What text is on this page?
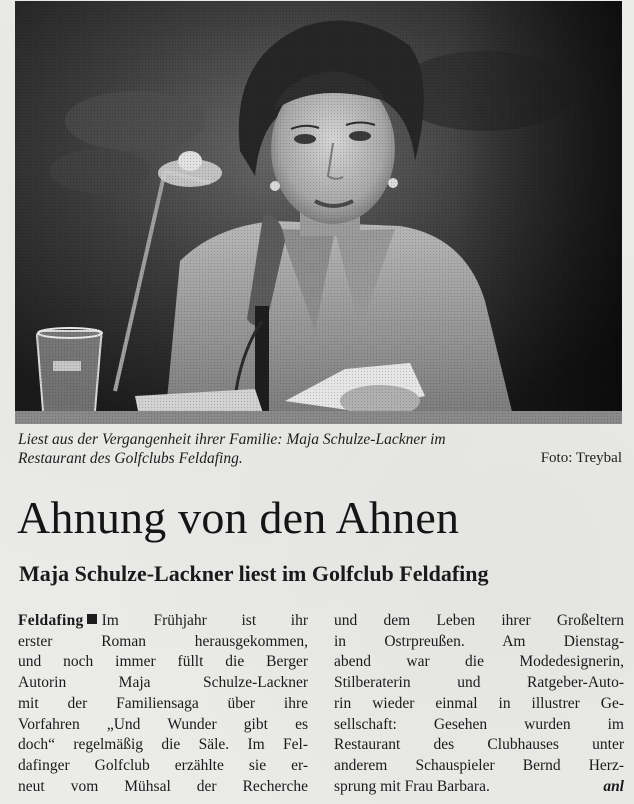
Liest aus der Vergangenheit ihrer Familie: Maja Schulze-Lackner im
Restaurant des Golfclubs Feldafing.	Foto: Treybal
Ahnung von den Ahnen
Maja Schulze-Lackner liest im Golfclub Feldafing
Feldafing Im Frühjahr ist ihr
erster Roman herausgekommen,
und noch immer füllt die Berger
Autorin Maja Schulze-Lackner
mit der Familiensaga über ihre
Vorfahren „Und Wunder gibt es
doch“ regelmäßig die Säle. Im Fel-
dafinger Golfclub erzählte sie er-
neut vom Mühsal der Recherche
und dem Leben ihrer Großeltern
in Ostrpreußen. Am Dienstag-
abend war die Modedesignerin,
Stilberaterin und Ratgeber-Auto-
rin wieder einmal in illustrer Ge-
sellschaft: Gesehen wurden im
Restaurant des Clubhauses unter
anderem Schauspieler Bernd Herz-
sprung mit Frau Barbara.	anl
